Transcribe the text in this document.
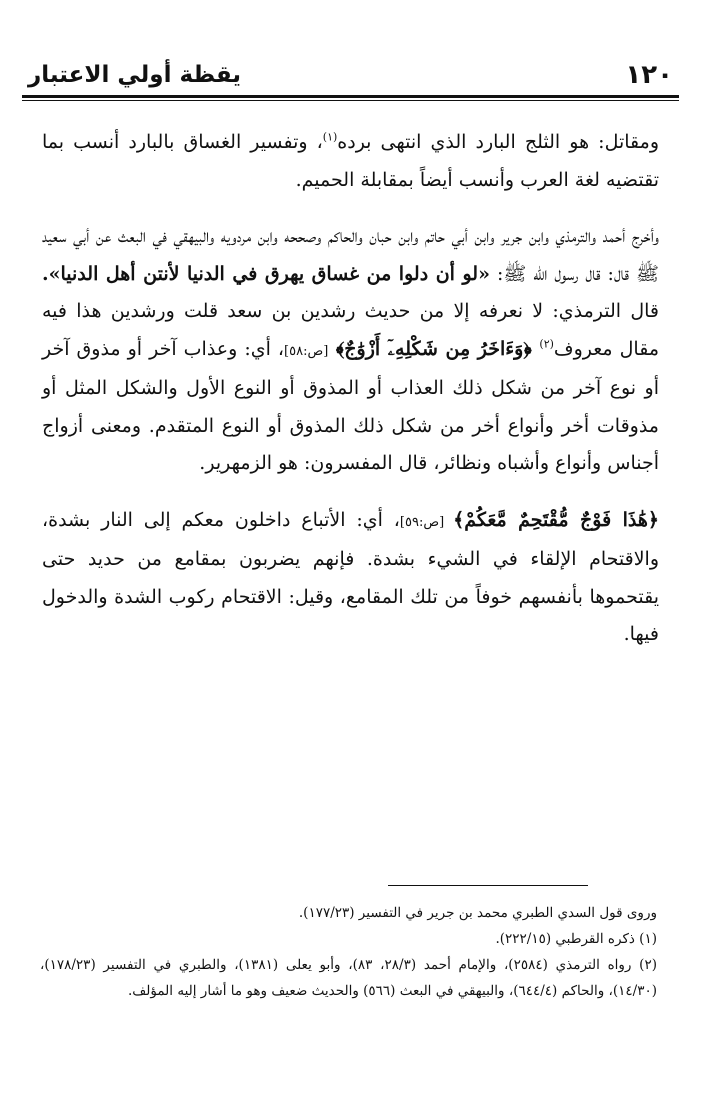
١٢٠
يقظة أولي الاعتبار

ومقاتل: هو الثلج البارد الذي انتهى برده$^{(١)}$، وتفسير الغساق بالبارد أنسب بما تقتضيه لغة العرب وأنسب أيضاً بمقابلة الحميم.

وأخرج أحمد والترمذي وابن جرير وابن أبي حاتم وابن حبان والحاكم وصححه وابن مردويه والبيهقي في البعث عن أبي سعيد ﷺ قال: قال رسول الله ﷺ: «لو أن دلوا من غساق يهرق في الدنيا لأنتن أهل الدنيا». قال الترمذي: لا نعرفه إلا من حديث رشدين بن سعد قلت ورشدين هذا فيه مقال معروف$^{(٢)}$ ﴿وَءَاخَرُ مِن شَكْلِهِۦٓ أَزْوَٰجٌ﴾ [ص:٥٨]، أي: وعذاب آخر أو مذوق آخر أو نوع آخر من شكل ذلك العذاب أو المذوق أو النوع الأول والشكل المثل أو مذوقات أخر وأنواع أخر من شكل ذلك المذوق أو النوع المتقدم. ومعنى أزواج أجناس وأنواع وأشباه ونظائر، قال المفسرون: هو الزمهرير.

﴿هَٰذَا فَوْجٌ مُّقْتَحِمٌ مَّعَكُمْ﴾ [ص:٥٩]، أي: الأتباع داخلون معكم إلى النار بشدة، والاقتحام الإلقاء في الشيء بشدة. فإنهم يضربون بمقامع من حديد حتى يقتحموها بأنفسهم خوفاً من تلك المقامع، وقيل: الاقتحام ركوب الشدة والدخول فيها.

وروى قول السدي الطبري محمد بن جرير في التفسير (١٧٧/٢٣).

(١) ذكره القرطبي (٢٢٢/١٥).

(٢) رواه الترمذي (٢٥٨٤)، والإمام أحمد (٢٨/٣، ٨٣)، وأبو يعلى (١٣٨١)، والطبري في التفسير (١٧٨/٢٣)، (١٤/٣٠)، والحاكم (٦٤٤/٤)، والبيهقي في البعث (٥٦٦) والحديث ضعيف وهو ما أشار إليه المؤلف.
